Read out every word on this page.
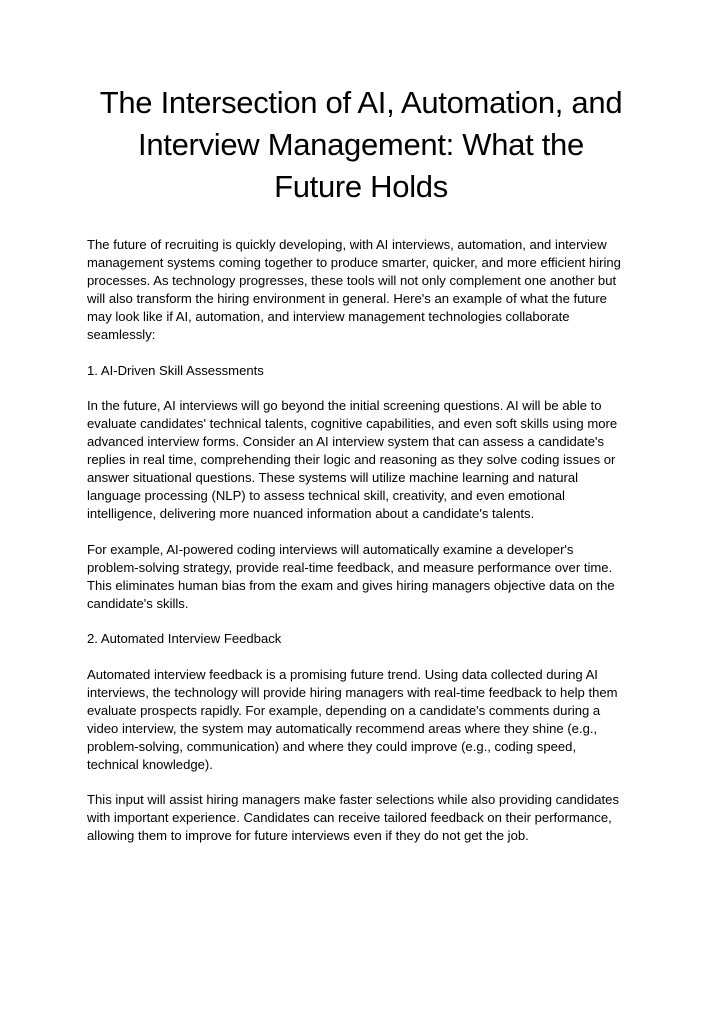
The Intersection of AI, Automation, and
Interview Management: What the
Future Holds

The future of recruiting is quickly developing, with AI interviews, automation, and interview
management systems coming together to produce smarter, quicker, and more efficient hiring
processes. As technology progresses, these tools will not only complement one another but
will also transform the hiring environment in general. Here's an example of what the future
may look like if AI, automation, and interview management technologies collaborate
seamlessly:

1. AI-Driven Skill Assessments

In the future, AI interviews will go beyond the initial screening questions. AI will be able to
evaluate candidates' technical talents, cognitive capabilities, and even soft skills using more
advanced interview forms. Consider an AI interview system that can assess a candidate's
replies in real time, comprehending their logic and reasoning as they solve coding issues or
answer situational questions. These systems will utilize machine learning and natural
language processing (NLP) to assess technical skill, creativity, and even emotional
intelligence, delivering more nuanced information about a candidate's talents.

For example, AI-powered coding interviews will automatically examine a developer's
problem-solving strategy, provide real-time feedback, and measure performance over time.
This eliminates human bias from the exam and gives hiring managers objective data on the
candidate's skills.

2. Automated Interview Feedback

Automated interview feedback is a promising future trend. Using data collected during AI
interviews, the technology will provide hiring managers with real-time feedback to help them
evaluate prospects rapidly. For example, depending on a candidate's comments during a
video interview, the system may automatically recommend areas where they shine (e.g.,
problem-solving, communication) and where they could improve (e.g., coding speed,
technical knowledge).

This input will assist hiring managers make faster selections while also providing candidates
with important experience. Candidates can receive tailored feedback on their performance,
allowing them to improve for future interviews even if they do not get the job.
